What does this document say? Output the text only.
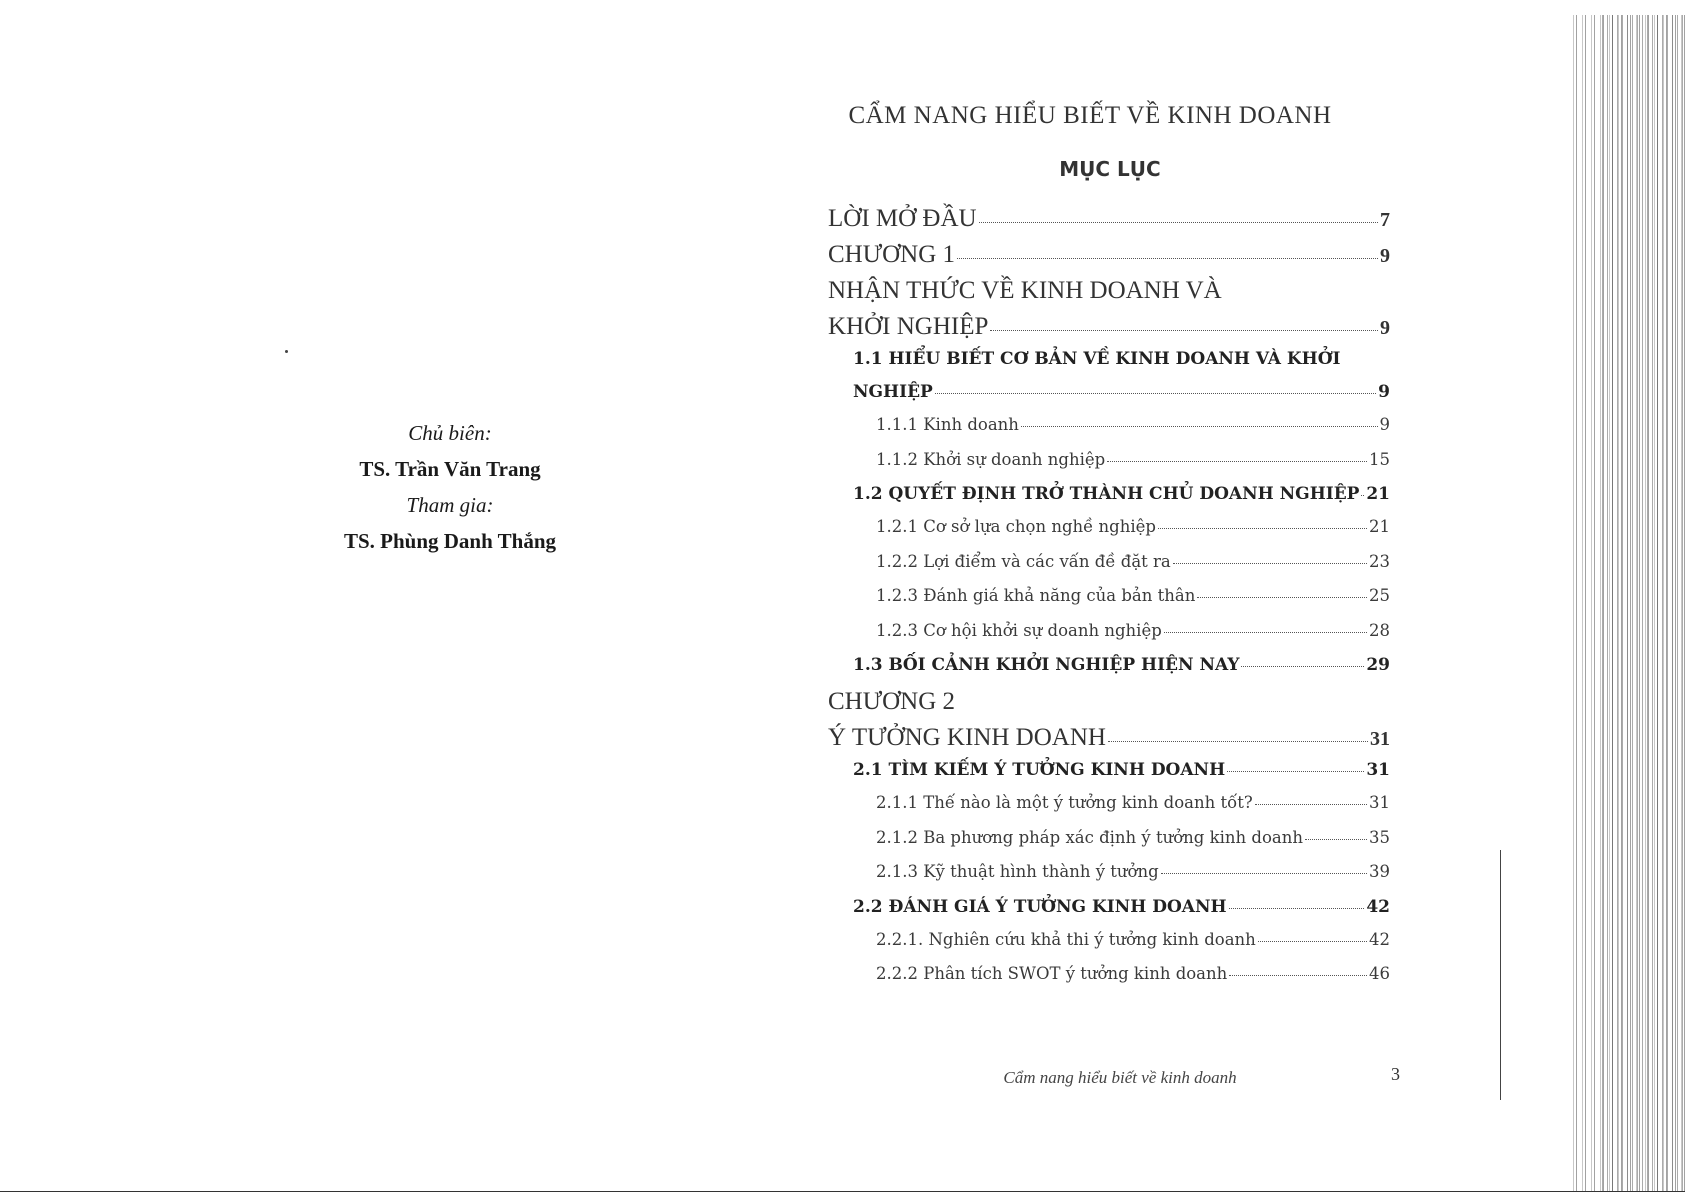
Chủ biên:
TS. Trần Văn Trang
Tham gia:
TS. Phùng Danh Thắng
CẨM NANG HIỂU BIẾT VỀ KINH DOANH
MỤC LỤC
LỜI MỞ ĐẦU	7
CHƯƠNG 1	9
NHẬN THỨC VỀ KINH DOANH VÀ
KHỞI NGHIỆP	9
1.1 HIỂU BIẾT CƠ BẢN VỀ KINH DOANH VÀ KHỞI
NGHIỆP	9
1.1.1 Kinh doanh	9
1.1.2 Khởi sự doanh nghiệp	15
1.2 QUYẾT ĐỊNH TRỞ THÀNH CHỦ DOANH NGHIỆP 21
1.2.1 Cơ sở lựa chọn nghề nghiệp	21
1.2.2 Lợi điểm và các vấn đề đặt ra	23
1.2.3 Đánh giá khả năng của bản thân	25
1.2.3 Cơ hội khởi sự doanh nghiệp	28
1.3 BỐI CẢNH KHỞI NGHIỆP HIỆN NAY	29
CHƯƠNG 2
Ý TƯỞNG KINH DOANH	31
2.1 TÌM KIẾM Ý TƯỞNG KINH DOANH	31
2.1.1 Thế nào là một ý tưởng kinh doanh tốt?	31
2.1.2 Ba phương pháp xác định ý tưởng kinh doanh	35
2.1.3 Kỹ thuật hình thành ý tưởng	39
2.2 ĐÁNH GIÁ Ý TƯỞNG KINH DOANH	42
2.2.1. Nghiên cứu khả thi ý tưởng kinh doanh	42
2.2.2 Phân tích SWOT ý tưởng kinh doanh	46
Cẩm nang hiểu biết về kinh doanh	3
